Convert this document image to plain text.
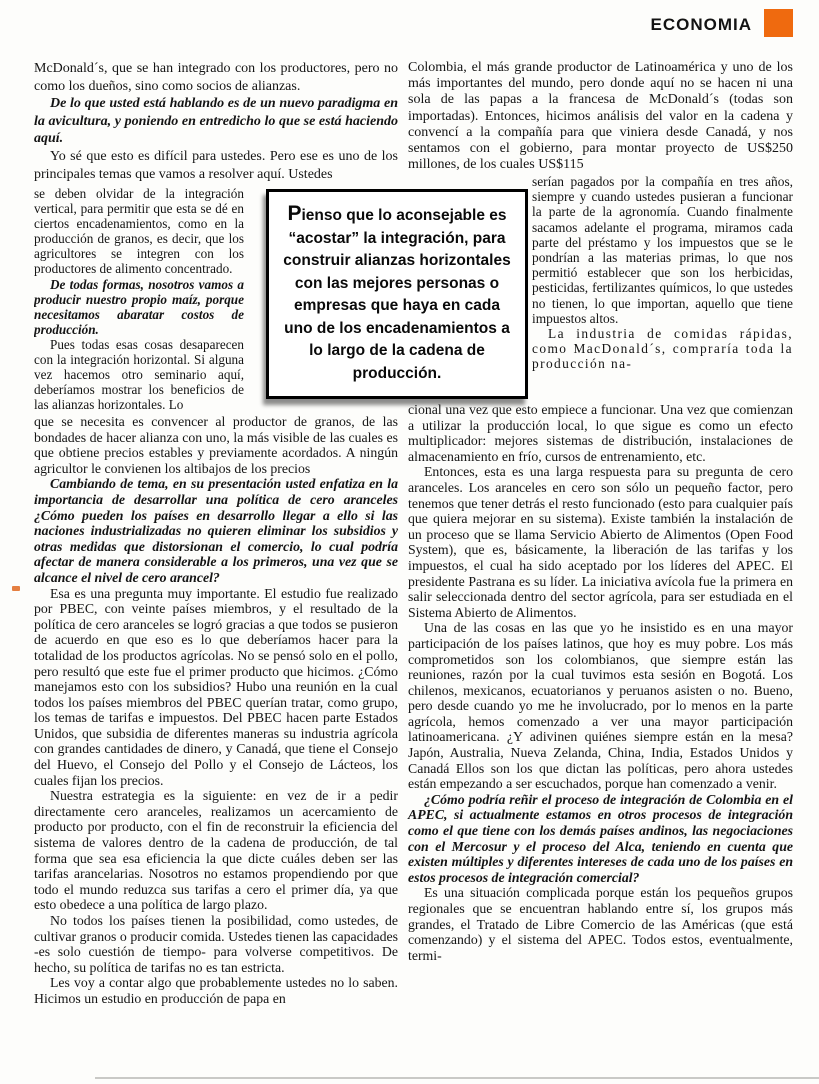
economia

McDonald´s, que se han integrado con los productores, pero no como los dueños, sino como socios de alianzas.

De lo que usted está hablando es de un nuevo paradigma en la avicultura, y poniendo en entredicho lo que se está haciendo aquí.

Yo sé que esto es difícil para ustedes. Pero ese es uno de los principales temas que vamos a resolver aquí. Ustedes

se deben olvidar de la integración vertical, para permitir que esta se dé en ciertos encadenamientos, como en la producción de granos, es decir, que los agricultores se integren con los productores de alimento concentrado.

De todas formas, nosotros vamos a producir nuestro propio maíz, porque necesitamos abaratar costos de producción.

Pues todas esas cosas desaparecen con la integración horizontal. Si alguna vez hacemos otro seminario aquí, deberíamos mostrar los beneficios de las alianzas horizontales. Lo

que se necesita es convencer al productor de granos, de las bondades de hacer alianza con uno, la más visible de las cuales es que obtiene precios estables y previamente acordados. A ningún agricultor le convienen los altibajos de los precios

Cambiando de tema, en su presentación usted enfatiza en la importancia de desarrollar una política de cero aranceles ¿Cómo pueden los países en desarrollo llegar a ello si las naciones industrializadas no quieren eliminar los subsidios y otras medidas que distorsionan el comercio, lo cual podría afectar de manera considerable a los primeros, una vez que se alcance el nivel de cero arancel?

Esa es una pregunta muy importante. El estudio fue realizado por PBEC, con veinte países miembros, y el resultado de la política de cero aranceles se logró gracias a que todos se pusieron de acuerdo en que eso es lo que deberíamos hacer para la totalidad de los productos agrícolas. No se pensó solo en el pollo, pero resultó que este fue el primer producto que hicimos. ¿Cómo manejamos esto con los subsidios? Hubo una reunión en la cual todos los países miembros del PBEC querían tratar, como grupo, los temas de tarifas e impuestos. Del PBEC hacen parte Estados Unidos, que subsidia de diferentes maneras su industria agrícola con grandes cantidades de dinero, y Canadá, que tiene el Consejo del Huevo, el Consejo del Pollo y el Consejo de Lácteos, los cuales fijan los precios.

Nuestra estrategia es la siguiente: en vez de ir a pedir directamente cero aranceles, realizamos un acercamiento de producto por producto, con el fin de reconstruir la eficiencia del sistema de valores dentro de la cadena de producción, de tal forma que sea esa eficiencia la que dicte cuáles deben ser las tarifas arancelarias. Nosotros no estamos propendiendo por que todo el mundo reduzca sus tarifas a cero el primer día, ya que esto obedece a una política de largo plazo.

No todos los países tienen la posibilidad, como ustedes, de cultivar granos o producir comida. Ustedes tienen las capacidades -es solo cuestión de tiempo- para volverse competitivos. De hecho, su política de tarifas no es tan estricta.

Les voy a contar algo que probablemente ustedes no lo saben. Hicimos un estudio en producción de papa en

Colombia, el más grande productor de Latinoamérica y uno de los más importantes del mundo, pero donde aquí no se hacen ni una sola de las papas a la francesa de McDonald´s (todas son importadas). Entonces, hicimos análisis del valor en la cadena y convencí a la compañía para que viniera desde Canadá, y nos sentamos con el gobierno, para montar proyecto de US$250 millones, de los cuales US$115

serían pagados por la compañía en tres años, siempre y cuando ustedes pusieran a funcionar la parte de la agronomía. Cuando finalmente sacamos adelante el programa, miramos cada parte del préstamo y los impuestos que se le pondrían a las materias primas, lo que nos permitió establecer que son los herbicidas, pesticidas, fertilizantes químicos, lo que ustedes no tienen, lo que importan, aquello que tiene impuestos altos.

La industria de comidas rápidas, como MacDonald´s, compraría toda la producción na-

cional una vez que esto empiece a funcionar. Una vez que comienzan a utilizar la producción local, lo que sigue es como un efecto multiplicador: mejores sistemas de distribución, instalaciones de almacenamiento en frío, cursos de entrenamiento, etc.

Entonces, esta es una larga respuesta para su pregunta de cero aranceles. Los aranceles en cero son sólo un pequeño factor, pero tenemos que tener detrás el resto funcionado (esto para cualquier país que quiera mejorar en su sistema). Existe también la instalación de un proceso que se llama Servicio Abierto de Alimentos (Open Food System), que es, básicamente, la liberación de las tarifas y los impuestos, el cual ha sido aceptado por los líderes del APEC. El presidente Pastrana es su líder. La iniciativa avícola fue la primera en salir seleccionada dentro del sector agrícola, para ser estudiada en el Sistema Abierto de Alimentos.

Una de las cosas en las que yo he insistido es en una mayor participación de los países latinos, que hoy es muy pobre. Los más comprometidos son los colombianos, que siempre están las reuniones, razón por la cual tuvimos esta sesión en Bogotá. Los chilenos, mexicanos, ecuatorianos y peruanos asisten o no. Bueno, pero desde cuando yo me he involucrado, por lo menos en la parte agrícola, hemos comenzado a ver una mayor participación latinoamericana. ¿Y adivinen quiénes siempre están en la mesa? Japón, Australia, Nueva Zelanda, China, India, Estados Unidos y Canadá Ellos son los que dictan las políticas, pero ahora ustedes están empezando a ser escuchados, porque han comenzado a venir.

¿Cómo podría reñir el proceso de integración de Colombia en el APEC, si actualmente estamos en otros procesos de integración como el que tiene con los demás países andinos, las negociaciones con el Mercosur y el proceso del Alca, teniendo en cuenta que existen múltiples y diferentes intereses de cada uno de los países en estos procesos de integración comercial?

Es una situación complicada porque están los pequeños grupos regionales que se encuentran hablando entre sí, los grupos más grandes, el Tratado de Libre Comercio de las Américas (que está comenzando) y el sistema del APEC. Todos estos, eventualmente, termi-

Pienso que lo aconsejable es “acostar” la integración, para construir alianzas horizontales con las mejores personas o empresas que haya en cada uno de los encadenamientos a lo largo de la cadena de producción.
